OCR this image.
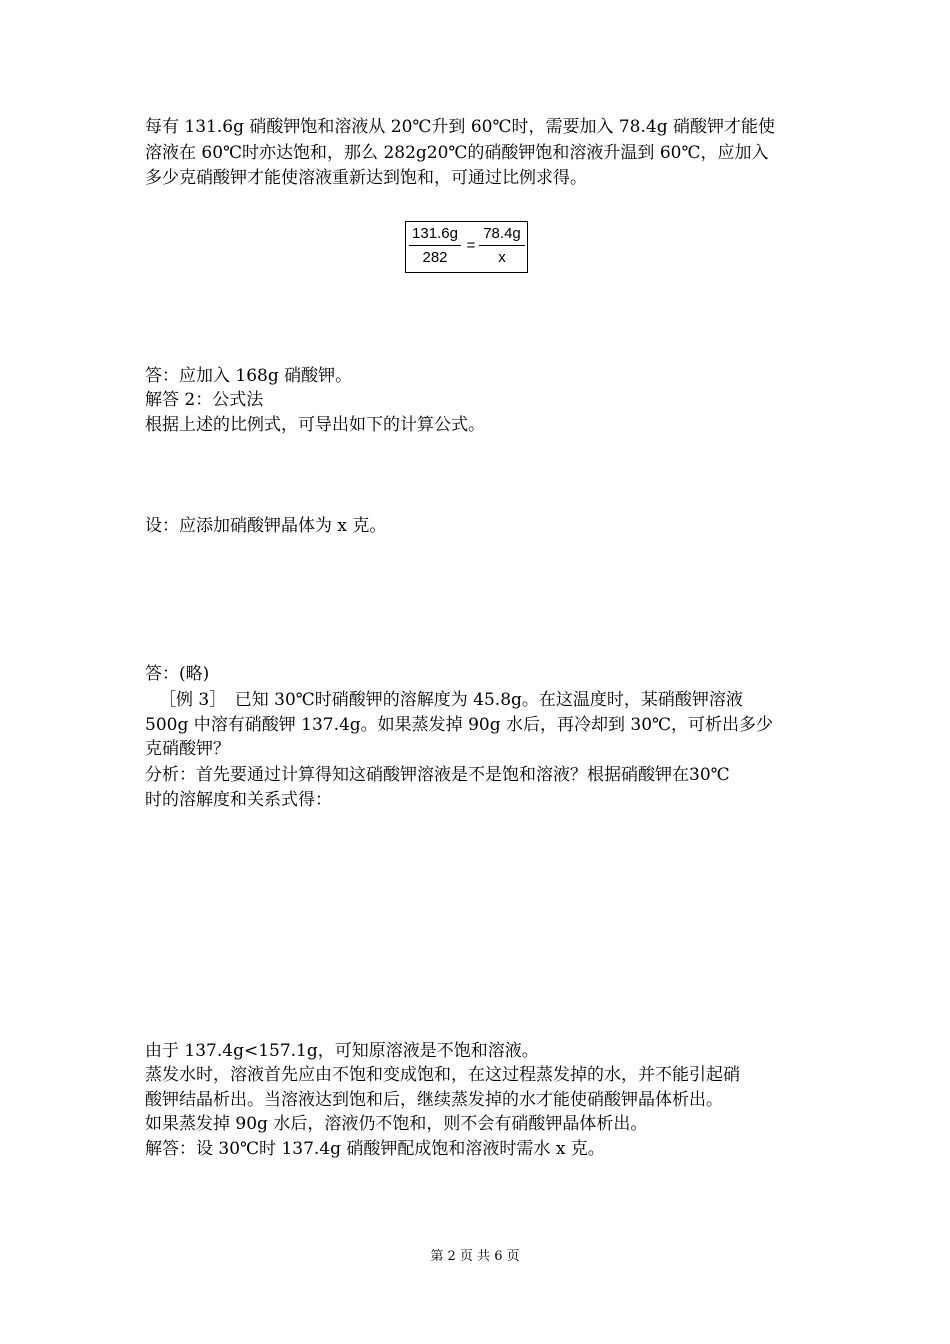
每有 131.6g 硝酸钾饱和溶液从 20℃升到 60℃时，需要加入 78.4g 硝酸钾才能使
溶液在 60℃时亦达饱和，那么 282g20℃的硝酸钾饱和溶液升温到 60℃，应加入
多少克硝酸钾才能使溶液重新达到饱和，可通过比例求得。
$\frac{131.6g}{282} = \frac{78.4g}{x}$
答：应加入 168g 硝酸钾。
解答 2：公式法
根据上述的比例式，可导出如下的计算公式。
设：应添加硝酸钾晶体为 x 克。
答：(略)
［例 3］　已知 30℃时硝酸钾的溶解度为 45.8g。在这温度时，某硝酸钾溶液
500g 中溶有硝酸钾 137.4g。如果蒸发掉 90g 水后，再冷却到 30℃，可析出多少
克硝酸钾？
分析：首先要通过计算得知这硝酸钾溶液是不是饱和溶液？根据硝酸钾在30℃
时的溶解度和关系式得：
由于 137.4g<157.1g，可知原溶液是不饱和溶液。
蒸发水时，溶液首先应由不饱和变成饱和，在这过程蒸发掉的水，并不能引起硝
酸钾结晶析出。当溶液达到饱和后，继续蒸发掉的水才能使硝酸钾晶体析出。
如果蒸发掉 90g 水后，溶液仍不饱和，则不会有硝酸钾晶体析出。
解答：设 30℃时 137.4g 硝酸钾配成饱和溶液时需水 x 克。
第 2 页 共 6 页
